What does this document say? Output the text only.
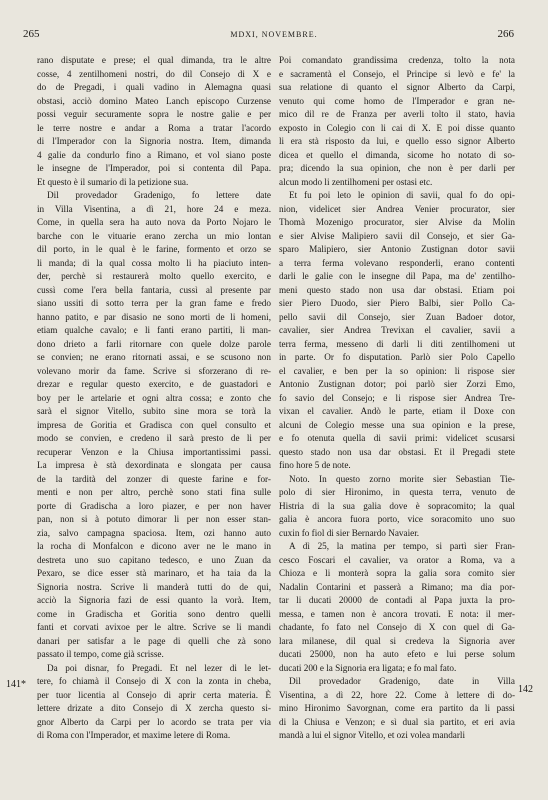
265	MDXI, NOVEMBRE.	266
rano disputate e prese; el qual dimanda, tra le altre
cosse, 4 zentilhomeni nostri, do dil Consejo di X e
do de Pregadi, i quali vadino in Alemagna quasi
obstasi, acciò domino Mateo Lanch episcopo Curzense
possi veguir securamente sopra le nostre galie e per
le terre nostre e andar a Roma a tratar l'acordo
di l'Imperador con la Signoria nostra. Item, dimanda
4 galie da condurlo fino a Rimano, et vol siano poste
le insegne de l'Imperador, poi si contenta dil Papa.
Et questo è il sumario di la petizione sua.
Dil provedador Gradenigo, fo lettere date
in Villa Visentina, a dì 21, hore 24 e meza.
Come, in quella sera ha auto nova da Porto Nojaro le
barche con le vituarie erano zercha un mio lontan
dil porto, in le qual è le farine, formento et orzo se
li manda; di la qual cossa molto li ha piaciuto inten-
der, perchè si restaurerà molto quello exercito, e
cussì come l'era bella fantaria, cussì al presente par
siano ussiti di sotto terra per la gran fame e fredo
hanno patito, e par disasio ne sono morti de li homeni,
etiam qualche cavalo; e li fanti erano partiti, li man-
dono drieto a farli ritornare con quele dolze parole
se convien; ne erano ritornati assai, e se scusono non
volevano morir da fame. Scrive si sforzerano di re-
drezar e regular questo exercito, e de guastadori e
boy per le artelarie et ogni altra cossa; e zonto che
sarà el signor Vitello, subito sine mora se torà la
impresa de Goritia et Gradisca con quel consulto et
modo se convien, e credeno il sarà presto de li per
recuperar Venzon e la Chiusa importantissimi passi.
La impresa è stà dexordinata e slongata per causa
de la tardità del zonzer di queste farine e for-
menti e non per altro, perchè sono stati fina sulle
porte di Gradischa a loro piazer, e per non haver
pan, non si à potuto dimorar li per non esser stan-
zia, salvo campagna spaciosa. Item, ozi hanno auto
la rocha di Monfalcon e dicono aver ne le mano in
destreta uno suo capitano tedesco, e uno Zuan da
Pexaro, se dice esser stà marinaro, et ha taia da la
Signoria nostra. Scrive li manderà tutti do de qui,
acciò la Signoria fazi de essi quanto la vorà. Item,
come in Gradischa et Goritia sono dentro quelli
fanti et corvati avixoe per le altre. Scrive se li mandi
danari per satisfar a le page di quelli che zà sono
passato il tempo, come già scrisse.
Da poi disnar, fo Pregadi. Et nel lezer di le let-
tere, fo chiamà il Consejo di X con la zonta in cheba,
per tuor licentia al Consejo di aprir certa materia. È
lettere drizate a dito Consejo di X zercha questo si-
gnor Alberto da Carpi per lo acordo se trata per via
di Roma con l'Imperador, et maxime letere di Roma.
Poi comandato grandissima credenza, tolto la nota
e sacramentà el Consejo, el Principe si levò e fe' la
sua relatione di quanto el signor Alberto da Carpi,
venuto qui come homo de l'Imperador e gran ne-
mico dil re de Franza per averli tolto il stato, havia
exposto in Colegio con li cai di X. E poi disse quanto
li era stà risposto da lui, e quello esso signor Alberto
dicea et quello el dimanda, sicome ho notato di so-
pra; dicendo la sua opinion, che non è per darli per
alcun modo li zentilhomeni per ostasi etc.
Et fu poi leto le opinion di savii, qual fo do opi-
nion, videlicet sier Andrea Venier procurator, sier
Thomà Mozenigo procurator, sier Alvise da Molin
e sier Alvise Malipiero savii dil Consejo, et sier Ga-
sparo Malipiero, sier Antonio Zustignan dotor savii
a terra ferma volevano responderli, erano contenti
darli le galie con le insegne dil Papa, ma de' zentilho-
meni questo stado non usa dar obstasi. Etiam poi
sier Piero Duodo, sier Piero Balbi, sier Pollo Ca-
pello savii dil Consejo, sier Zuan Badoer dotor,
cavalier, sier Andrea Trevixan el cavalier, savii a
terra ferma, messeno di darli li diti zentilhomeni ut
in parte. Or fo disputation. Parlò sier Polo Capello
el cavalier, e ben per la so opinion: li rispose sier
Antonio Zustignan dotor; poi parlò sier Zorzi Emo,
fo savio del Consejo; e li rispose sier Andrea Tre-
vixan el cavalier. Andò le parte, etiam il Doxe con
alcuni de Colegio messe una sua opinion e la prese,
e fo otenuta quella di savii primi: videlicet scusarsi
questo stado non usa dar obstasi. Et il Pregadi stete
fino hore 5 de note.
Noto. In questo zorno morite sier Sebastian Tie-
polo di sier Hironimo, in questa terra, venuto de
Histria di la sua galia dove è sopracomito; la qual
galia è ancora fuora porto, vice soracomito uno suo
cuxin fo fiol di sier Bernardo Navaier.
A dì 25, la matina per tempo, si partì sier Fran-
cesco Foscari el cavalier, va orator a Roma, va a
Chioza e li monterà sopra la galia sora comito sier
Nadalin Contarini et passerà a Rimano; ma dia por-
tar li ducati 20000 de contadi al Papa juxta la pro-
messa, e tamen non è ancora trovati. E nota: il mer-
chadante, fo fato nel Consejo di X con quel di Ga-
lara milanese, dil qual si credeva la Signoria aver
ducati 25000, non ha auto efeto e lui perse solum
ducati 200 e la Signoria era ligata; e fo mal fato.
Dil provedador Gradenigo, date in Villa
Visentina, a dì 22, hore 22. Come à lettere di do-
mino Hironimo Savorgnan, come era partito da li passi
di la Chiusa e Venzon; e sì dual sia partito, et eri avia
mandà a lui el signor Vitello, et ozi volea mandarli
141*	142
